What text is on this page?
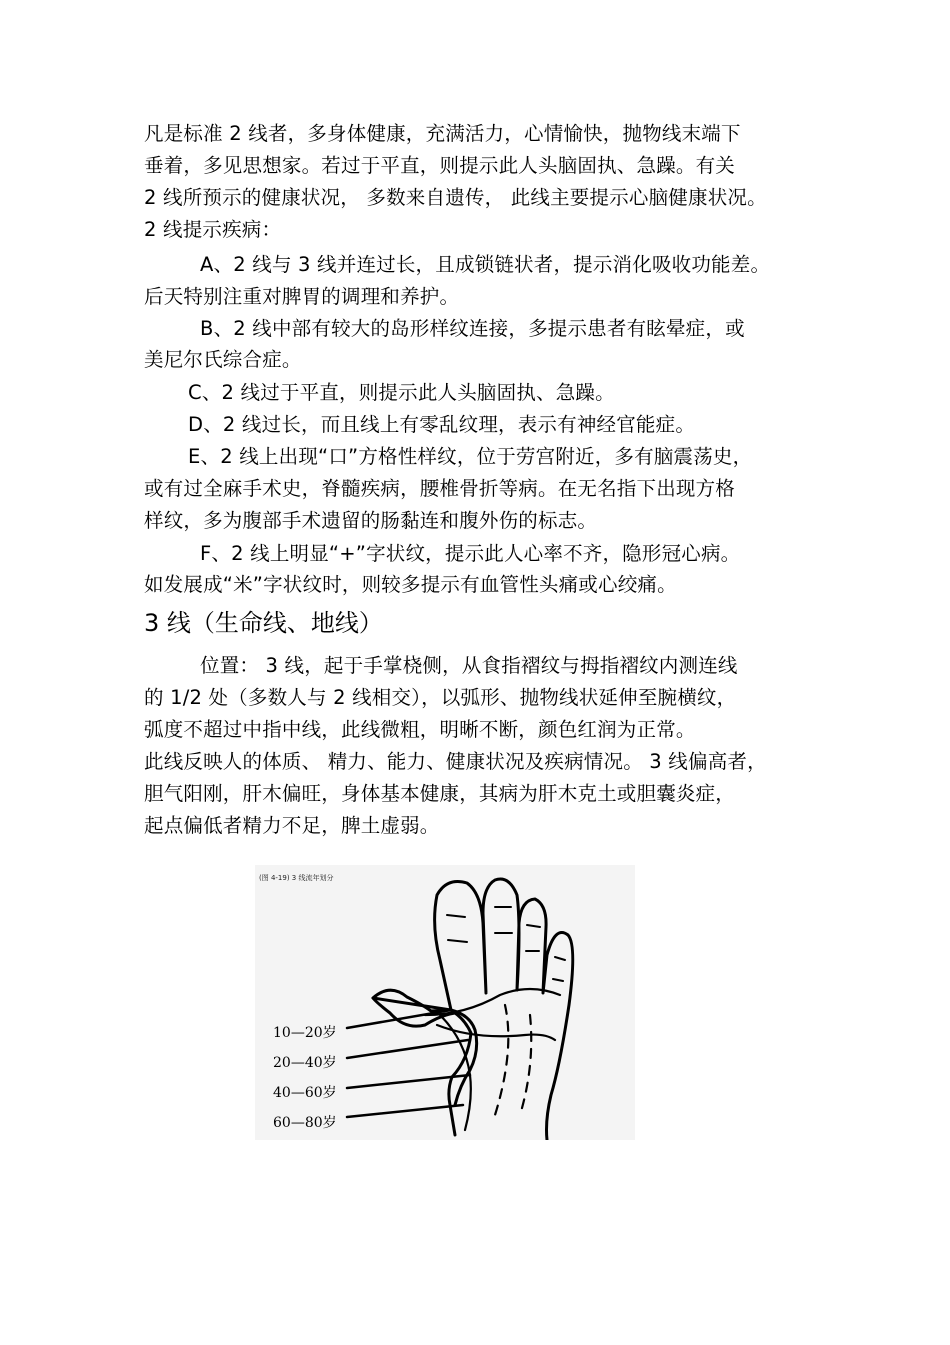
凡是标准 2 线者，多身体健康，充满活力，心情愉快，抛物线末端下
垂着，多见思想家。若过于平直，则提示此人头脑固执、急躁。有关
2 线所预示的健康状况， 多数来自遗传， 此线主要提示心脑健康状况。
2 线提示疾病：
A、2 线与 3 线并连过长，且成锁链状者，提示消化吸收功能差。
后天特别注重对脾胃的调理和养护。
B、2 线中部有较大的岛形样纹连接，多提示患者有眩晕症，或
美尼尔氏综合症。
C、2 线过于平直，则提示此人头脑固执、急躁。
D、2 线过长，而且线上有零乱纹理，表示有神经官能症。
E、2 线上出现“口”方格性样纹，位于劳宫附近，多有脑震荡史，
或有过全麻手术史，脊髓疾病，腰椎骨折等病。在无名指下出现方格
样纹，多为腹部手术遗留的肠黏连和腹外伤的标志。
F、2 线上明显“+”字状纹，提示此人心率不齐，隐形冠心病。
如发展成“米”字状纹时，则较多提示有血管性头痛或心绞痛。
3 线（生命线、地线）
位置： 3 线，起于手掌桡侧，从食指褶纹与拇指褶纹内测连线
的 1/2 处（多数人与 2 线相交），以弧形、抛物线状延伸至腕横纹，
弧度不超过中指中线，此线微粗，明晰不断，颜色红润为正常。
此线反映人的体质、 精力、能力、健康状况及疾病情况。 3 线偏高者，
胆气阳刚，肝木偏旺，身体基本健康，其病为肝木克土或胆囊炎症，
起点偏低者精力不足，脾土虚弱。
(图 4-19) 3 线流年划分
10—20岁
20—40岁
40—60岁
60—80岁
